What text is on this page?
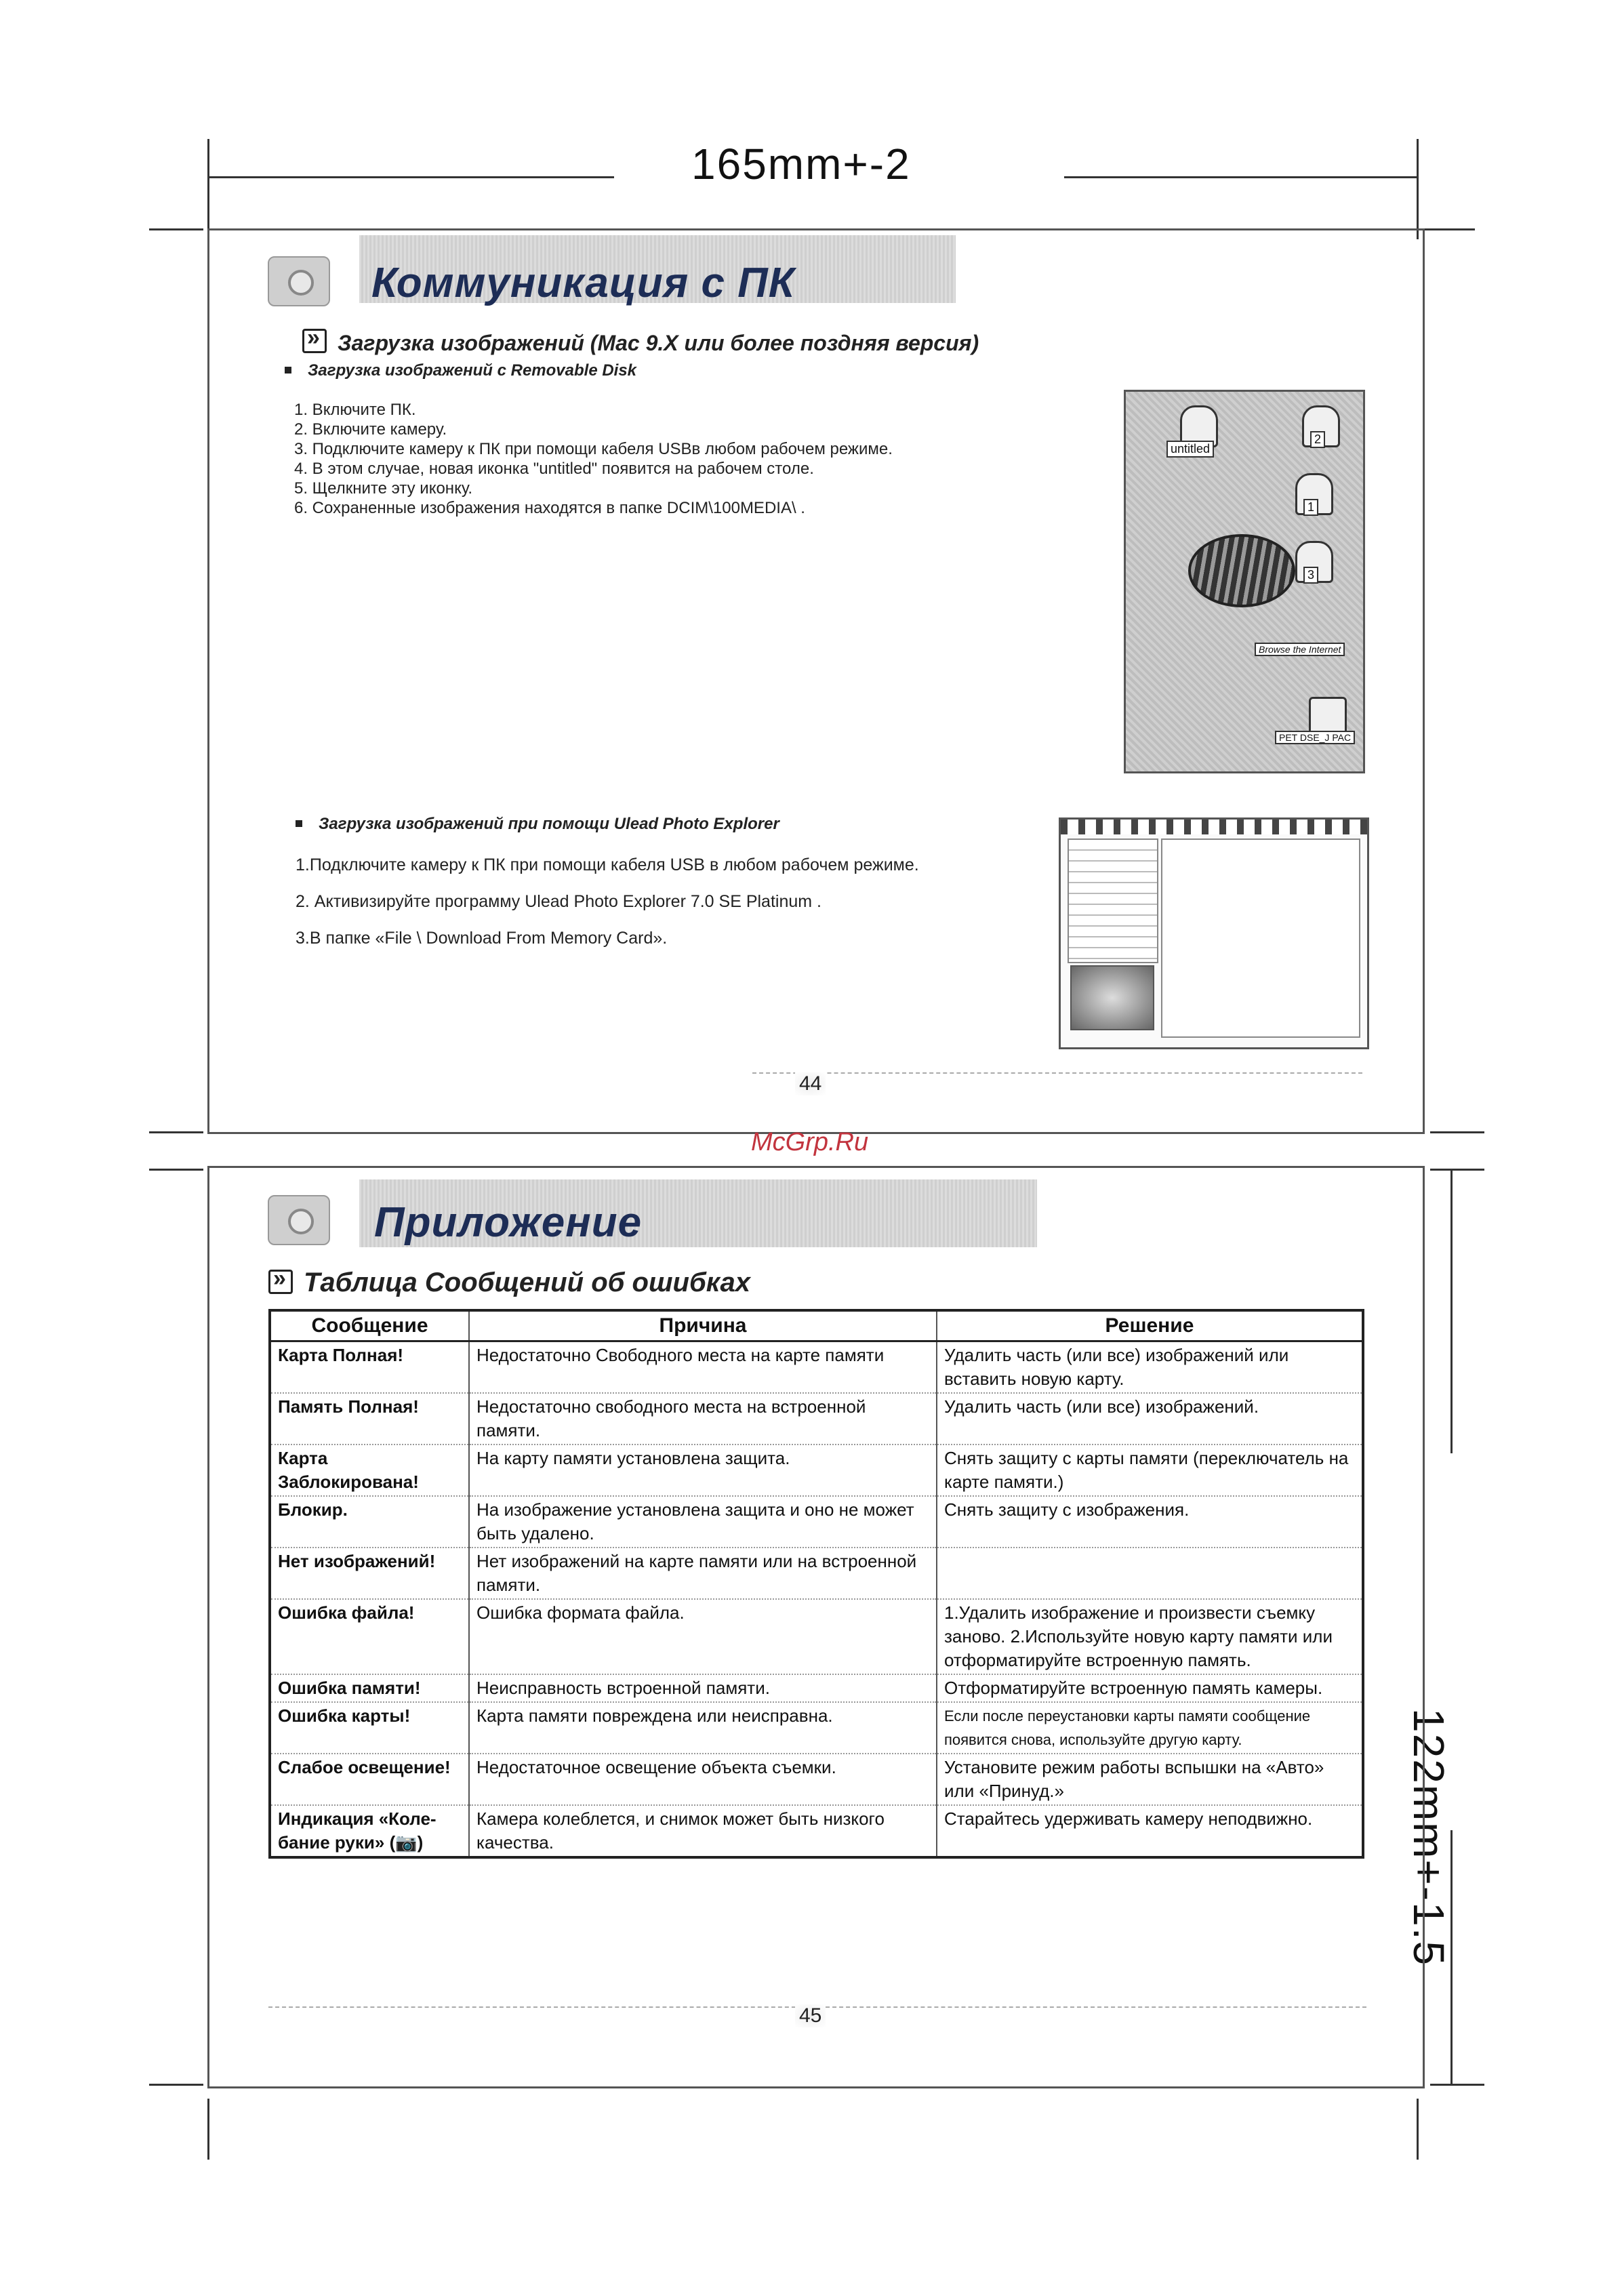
165mm+-2
122mm+-1.5
Коммуникация с ПК
»Загрузка изображений (Mac 9.X или более поздняя версия)
Загрузка изображений с Removable Disk
1. Включите ПК.
2. Включите камеру.
3. Подключите камеру к ПК при помощи кабеля USBв любом рабочем режиме.
4. В этом случае, новая иконка "untitled" появится на рабочем столе.
5. Щелкните эту иконку.
6. Сохраненные изображения находятся в папке DCIM\100MEDIA\ .
untitled
2
1
3
Browse the Internet
PET DSE_J PAC
Загрузка изображений при помощи Ulead Photo Explorer
1.Подключите камеру к ПК при помощи кабеля USB в любом рабочем режиме.
2. Активизируйте программу Ulead Photo Explorer 7.0 SE Platinum .
3.В папке «File \ Download From Memory Card».
44
McGrp.Ru
Приложение
»Таблица Сообщений об ошибках
Сообщение	Причина	Решение
Карта Полная!	Недостаточно Свободного места на карте памяти	Удалить часть (или все) изображений или вставить новую карту.
Память Полная!	Недостаточно свободного места на встроенной памяти.	Удалить часть (или все) изображений.
Карта Заблокирована!	На карту памяти установлена защита.	Снять защиту с карты памяти (переключатель на карте памяти.)
Блокир.	На изображение установлена защита и оно не может быть удалено.	Снять защиту с изображения.
Нет изображений!	Нет изображений на карте памяти или на встроенной памяти.	
Ошибка файла!	Ошибка формата файла.	1.Удалить изображение и произвести съемку заново. 2.Используйте новую карту памяти или отформатируйте встроенную память.
Ошибка памяти!	Неисправность встроенной памяти.	Отформатируйте встроенную память камеры.
Ошибка карты!	Карта памяти повреждена или неисправна.	Если после переустановки карты памяти сообщение появится снова, используйте другую карту.
Слабое освещение!	Недостаточное освещение объекта съемки.	Установите режим работы вспышки на «Авто» или «Принуд.»
Индикация «Коле-бание руки» (📷)	Камера колеблется, и снимок может быть низкого качества.	Старайтесь удерживать камеру неподвижно.
45
